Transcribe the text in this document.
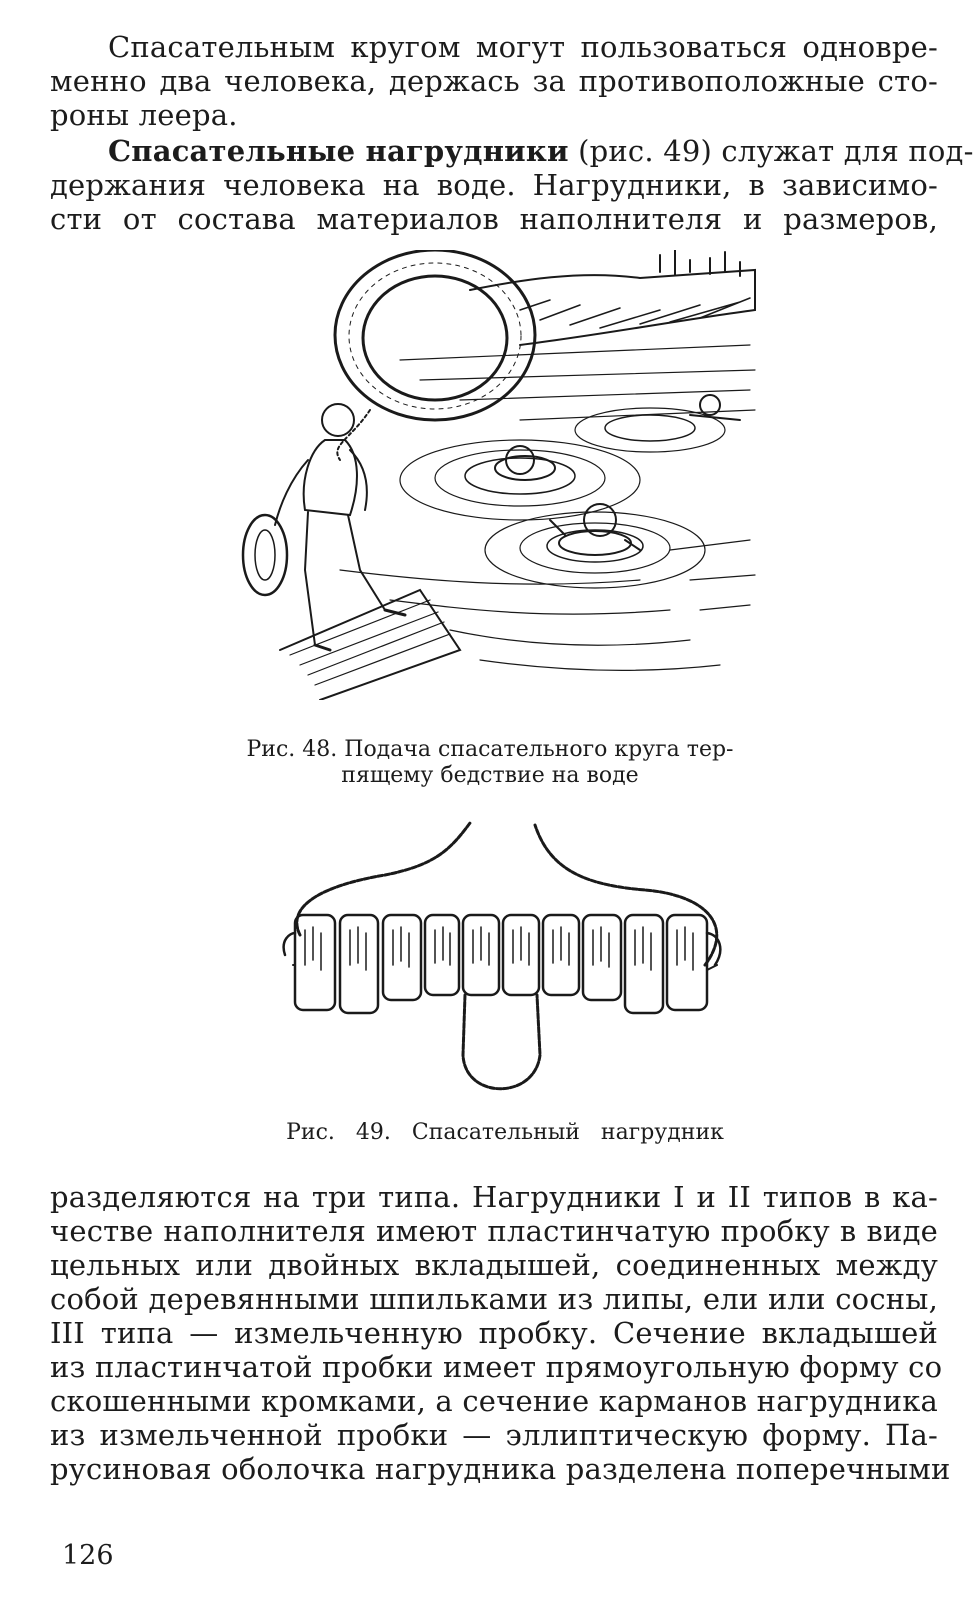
Спасательным кругом могут пользоваться одновре-

менно два человека, держась за противоположные сто-

роны леера.

Спасательные нагрудники (рис. 49) служат для под-

держания человека на воде. Нагрудники, в зависимо-

сти от состава материалов наполнителя и размеров,

Рис. 48. Подача спасательного круга тер-

пящему бедствие на воде

Рис. 49. Спасательный нагрудник

разделяются на три типа. Нагрудники I и II типов в ка-

честве наполнителя имеют пластинчатую пробку в виде

цельных или двойных вкладышей, соединенных между

собой деревянными шпильками из липы, ели или сосны,

III типа — измельченную пробку. Сечение вкладышей

из пластинчатой пробки имеет прямоугольную форму со

скошенными кромками, а сечение карманов нагрудника

из измельченной пробки — эллиптическую форму. Па-

русиновая оболочка нагрудника разделена поперечными

126
